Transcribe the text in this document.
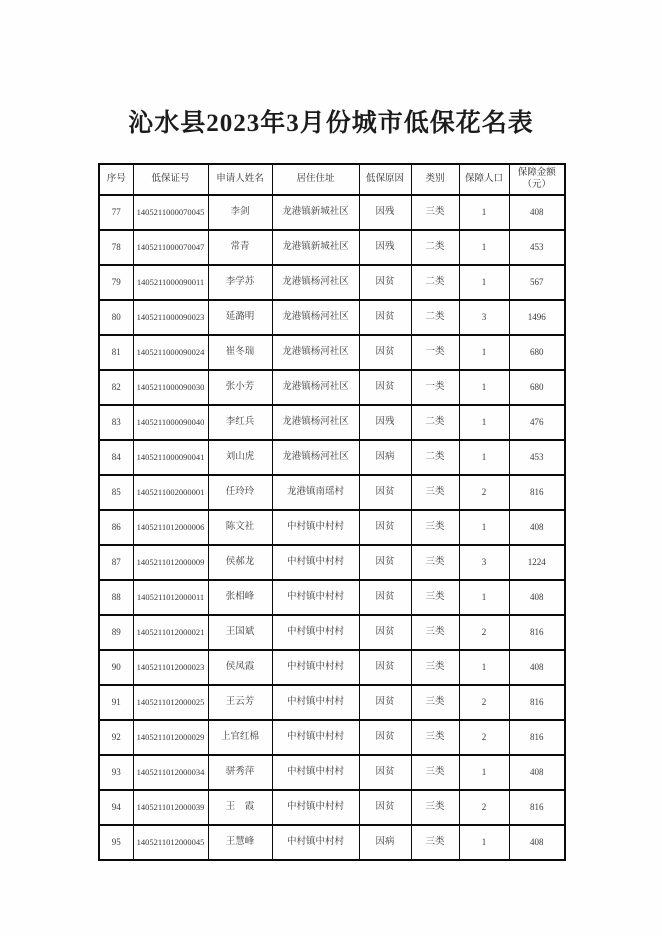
沁水县2023年3月份城市低保花名表
序号	低保证号	申请人姓名	居住住址	低保原因	类别	保障人口	保障金额（元）
77	1405211000070045	李剑	龙港镇新城社区	因残	三类	1	408
78	1405211000070047	常青	龙港镇新城社区	因残	二类	1	453
79	1405211000090011	李学苏	龙港镇杨河社区	因贫	二类	1	567
80	1405211000090023	延潞明	龙港镇杨河社区	因贫	二类	3	1496
81	1405211000090024	崔冬瑞	龙港镇杨河社区	因贫	一类	1	680
82	1405211000090030	张小芳	龙港镇杨河社区	因贫	一类	1	680
83	1405211000090040	李红兵	龙港镇杨河社区	因残	二类	1	476
84	1405211000090041	刘山虎	龙港镇杨河社区	因病	二类	1	453
85	1405211002000001	任玲玲	龙港镇南瑶村	因贫	三类	2	816
86	1405211012000006	陈文社	中村镇中村村	因贫	三类	1	408
87	1405211012000009	侯郝龙	中村镇中村村	因贫	三类	3	1224
88	1405211012000011	张相峰	中村镇中村村	因贫	三类	1	408
89	1405211012000021	王国斌	中村镇中村村	因贫	三类	2	816
90	1405211012000023	侯凤霞	中村镇中村村	因贫	三类	1	408
91	1405211012000025	王云芳	中村镇中村村	因贫	三类	2	816
92	1405211012000029	上官红棉	中村镇中村村	因贫	三类	2	816
93	1405211012000034	骈秀萍	中村镇中村村	因贫	三类	1	408
94	1405211012000039	王　霞	中村镇中村村	因贫	三类	2	816
95	1405211012000045	王慧峰	中村镇中村村	因病	三类	1	408
